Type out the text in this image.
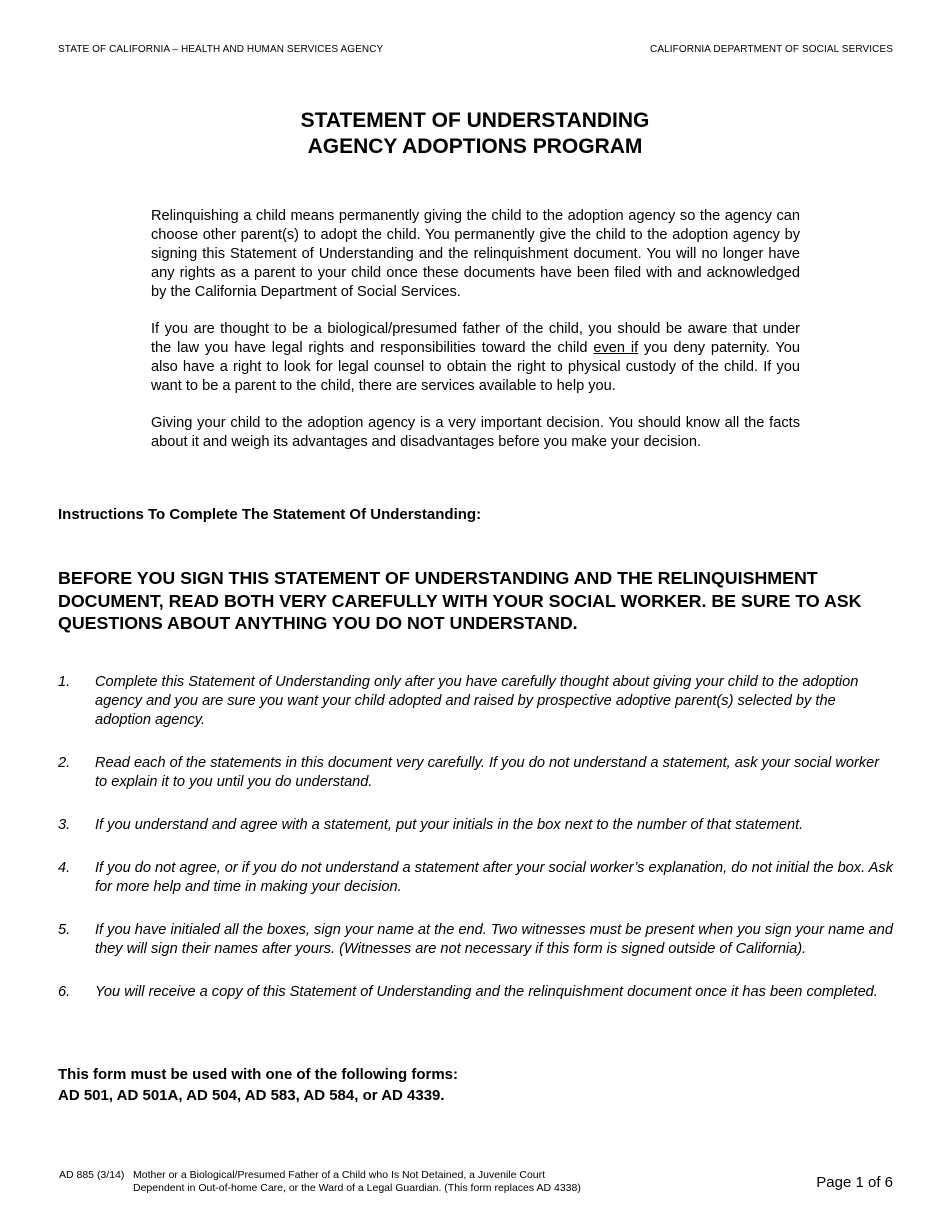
STATE OF CALIFORNIA – HEALTH AND HUMAN SERVICES AGENCY	CALIFORNIA DEPARTMENT OF SOCIAL SERVICES
STATEMENT OF UNDERSTANDING
AGENCY ADOPTIONS PROGRAM

Relinquishing a child means permanently giving the child to the adoption agency so the agency can choose other parent(s) to adopt the child. You permanently give the child to the adoption agency by signing this Statement of Understanding and the relinquishment document. You will no longer have any rights as a parent to your child once these documents have been filed with and acknowledged by the California Department of Social Services.

If you are thought to be a biological/presumed father of the child, you should be aware that under the law you have legal rights and responsibilities toward the child even if you deny paternity. You also have a right to look for legal counsel to obtain the right to physical custody of the child. If you want to be a parent to the child, there are services available to help you.

Giving your child to the adoption agency is a very important decision. You should know all the facts about it and weigh its advantages and disadvantages before you make your decision.

Instructions To Complete The Statement Of Understanding:
BEFORE YOU SIGN THIS STATEMENT OF UNDERSTANDING AND THE RELINQUISHMENT DOCUMENT, READ BOTH VERY CAREFULLY WITH YOUR SOCIAL WORKER. BE SURE TO ASK QUESTIONS ABOUT ANYTHING YOU DO NOT UNDERSTAND.
1. Complete this Statement of Understanding only after you have carefully thought about giving your child to the adoption agency and you are sure you want your child adopted and raised by prospective adoptive parent(s) selected by the adoption agency.
2. Read each of the statements in this document very carefully. If you do not understand a statement, ask your social worker to explain it to you until you do understand.
3. If you understand and agree with a statement, put your initials in the box next to the number of that statement.
4. If you do not agree, or if you do not understand a statement after your social worker’s explanation, do not initial the box. Ask for more help and time in making your decision.
5. If you have initialed all the boxes, sign your name at the end. Two witnesses must be present when you sign your name and they will sign their names after yours. (Witnesses are not necessary if this form is signed outside of California).
6. You will receive a copy of this Statement of Understanding and the relinquishment document once it has been completed.
This form must be used with one of the following forms:
AD 501, AD 501A, AD 504, AD 583, AD 584, or AD 4339.
AD 885 (3/14) Mother or a Biological/Presumed Father of a Child who Is Not Detained, a Juvenile Court
Dependent in Out-of-home Care, or the Ward of a Legal Guardian. (This form replaces AD 4338)	Page 1 of 6
